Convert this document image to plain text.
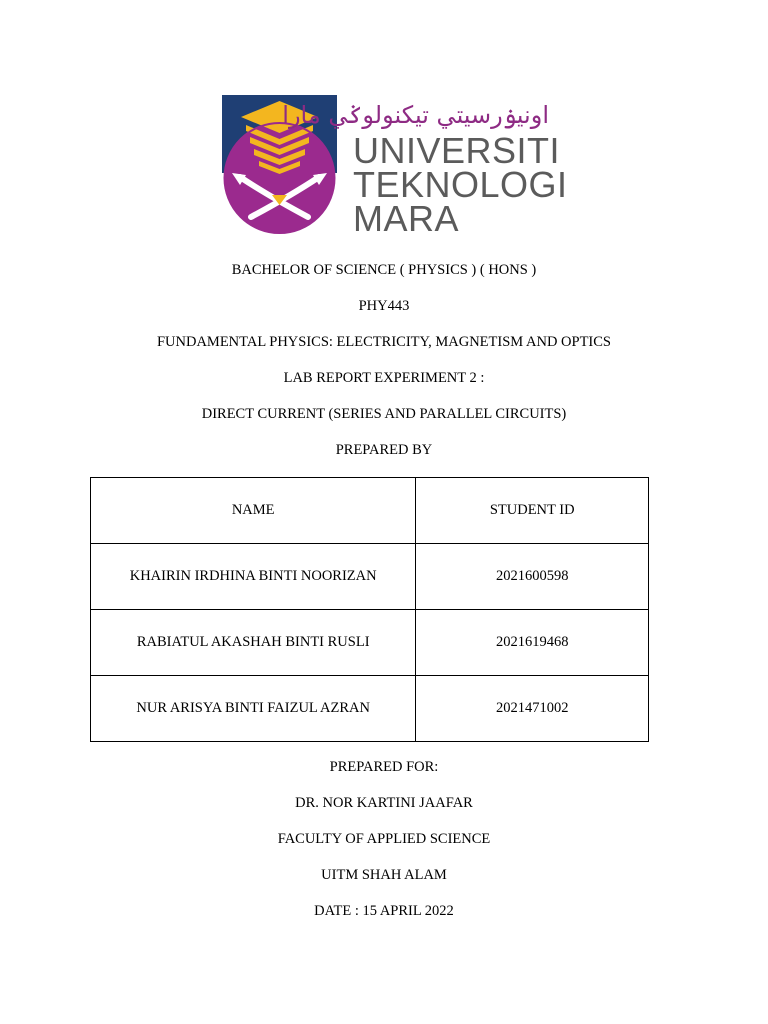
اونيۏرسيتي تيكنولوݢي مارا
UNIVERSITI
TEKNOLOGI
MARA
BACHELOR OF SCIENCE ( PHYSICS ) ( HONS )
PHY443
FUNDAMENTAL PHYSICS: ELECTRICITY, MAGNETISM AND OPTICS
LAB REPORT EXPERIMENT 2 :
DIRECT CURRENT (SERIES AND PARALLEL CIRCUITS)
PREPARED BY
NAME	STUDENT ID
KHAIRIN IRDHINA BINTI NOORIZAN	2021600598
RABIATUL AKASHAH BINTI RUSLI	2021619468
NUR ARISYA BINTI FAIZUL AZRAN	2021471002
PREPARED FOR:
DR. NOR KARTINI JAAFAR
FACULTY OF APPLIED SCIENCE
UITM SHAH ALAM
DATE : 15 APRIL 2022
